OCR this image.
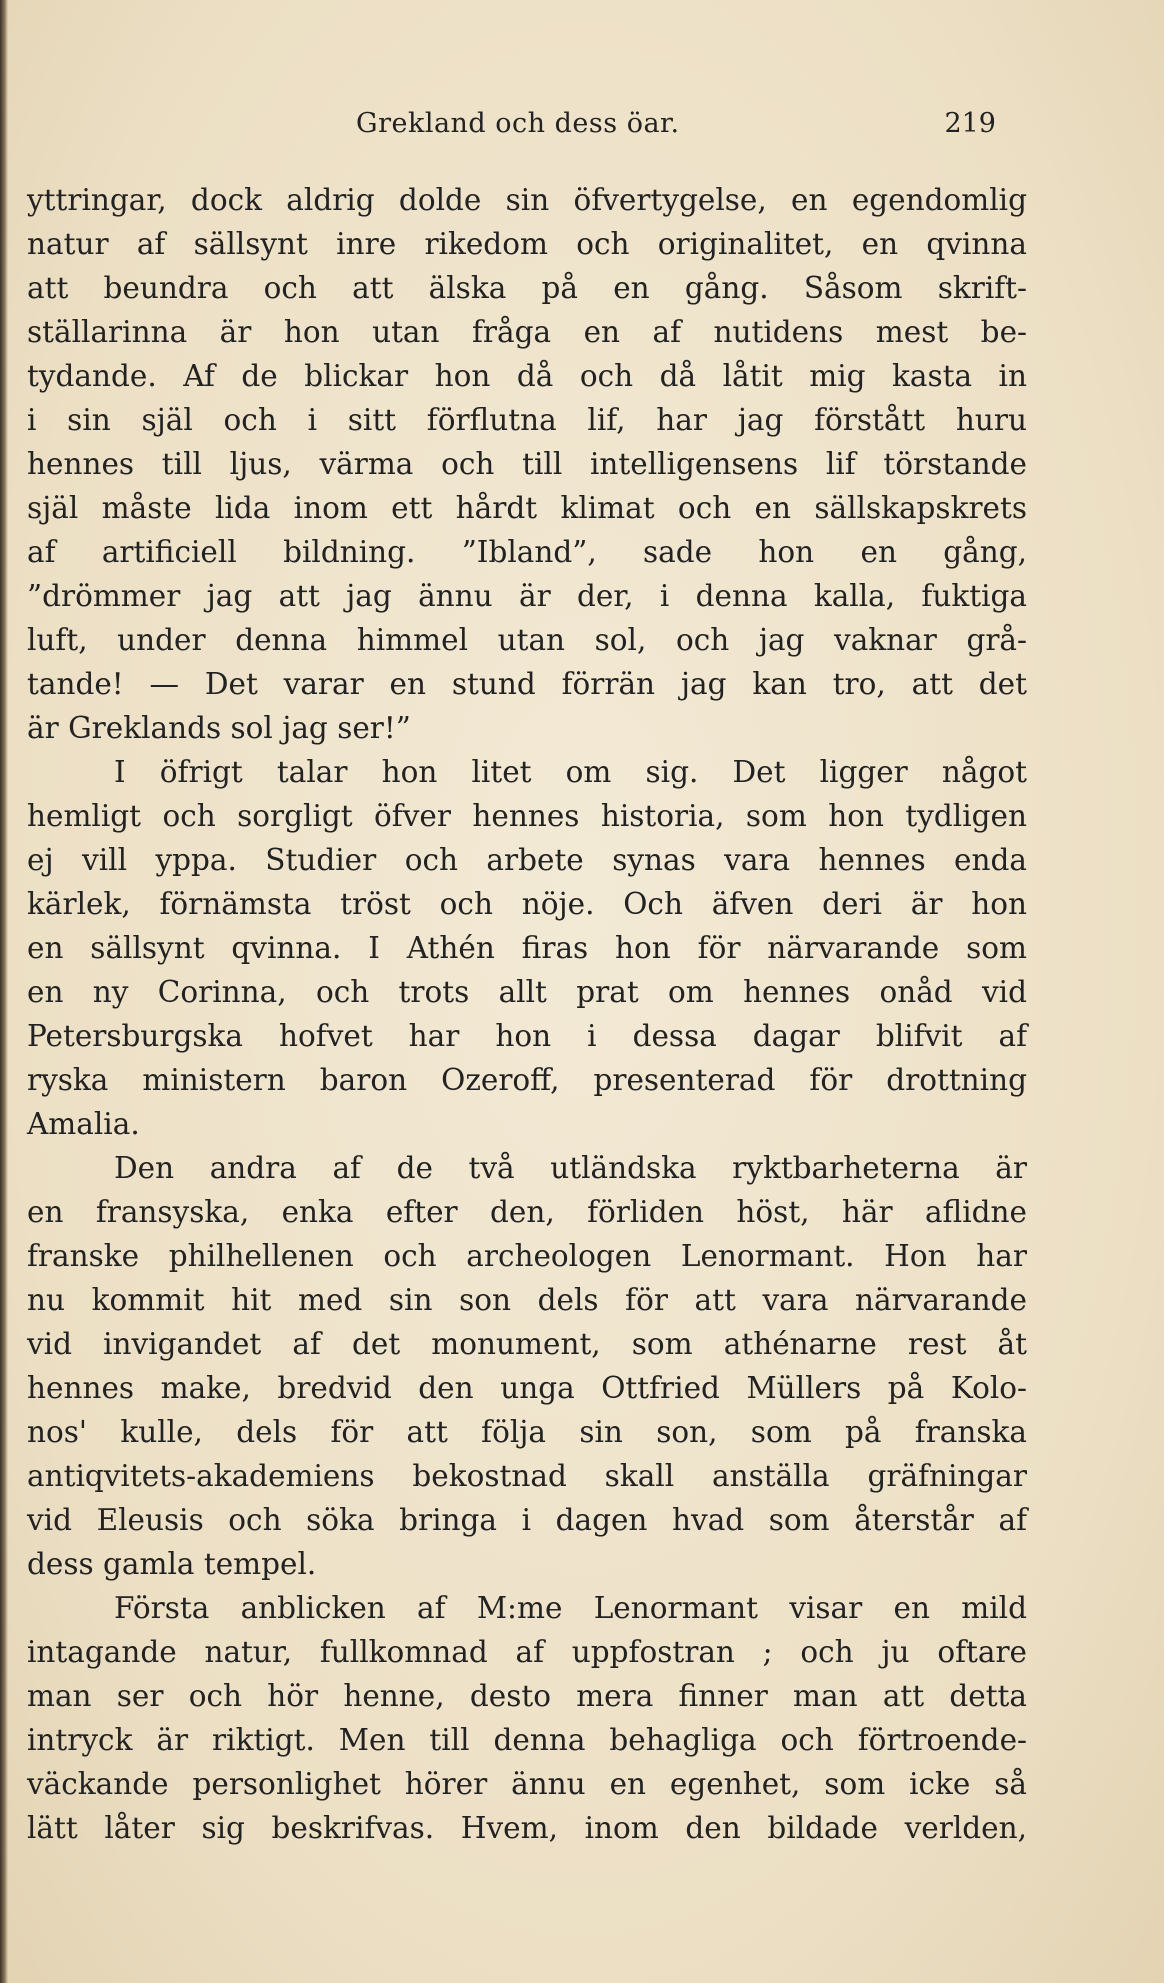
Grekland och dess öar.	219
yttringar, dock aldrig dolde sin öfvertygelse, en egendomlig
natur af sällsynt inre rikedom och originalitet, en qvinna
att beundra och att älska på en gång. Såsom skrift-
ställarinna är hon utan fråga en af nutidens mest be-
tydande. Af de blickar hon då och då låtit mig kasta in
i sin själ och i sitt förflutna lif, har jag förstått huru
hennes till ljus, värma och till intelligensens lif törstande
själ måste lida inom ett hårdt klimat och en sällskapskrets
af artificiell bildning. ”Ibland”, sade hon en gång,
”drömmer jag att jag ännu är der, i denna kalla, fuktiga
luft, under denna himmel utan sol, och jag vaknar grå-
tande! — Det varar en stund förrän jag kan tro, att det
är Greklands sol jag ser!”
I öfrigt talar hon litet om sig. Det ligger något
hemligt och sorgligt öfver hennes historia, som hon tydligen
ej vill yppa. Studier och arbete synas vara hennes enda
kärlek, förnämsta tröst och nöje. Och äfven deri är hon
en sällsynt qvinna. I Athén firas hon för närvarande som
en ny Corinna, och trots allt prat om hennes onåd vid
Petersburgska hofvet har hon i dessa dagar blifvit af
ryska ministern baron Ozeroff, presenterad för drottning
Amalia.
Den andra af de två utländska ryktbarheterna är
en fransyska, enka efter den, förliden höst, här aflidne
franske philhellenen och archeologen Lenormant. Hon har
nu kommit hit med sin son dels för att vara närvarande
vid invigandet af det monument, som athénarne rest åt
hennes make, bredvid den unga Ottfried Müllers på Kolo-
nos' kulle, dels för att följa sin son, som på franska
antiqvitets-akademiens bekostnad skall anställa gräfningar
vid Eleusis och söka bringa i dagen hvad som återstår af
dess gamla tempel.
Första anblicken af M:me Lenormant visar en mild
intagande natur, fullkomnad af uppfostran ; och ju oftare
man ser och hör henne, desto mera finner man att detta
intryck är riktigt. Men till denna behagliga och förtroende-
väckande personlighet hörer ännu en egenhet, som icke så
lätt låter sig beskrifvas. Hvem, inom den bildade verlden,
